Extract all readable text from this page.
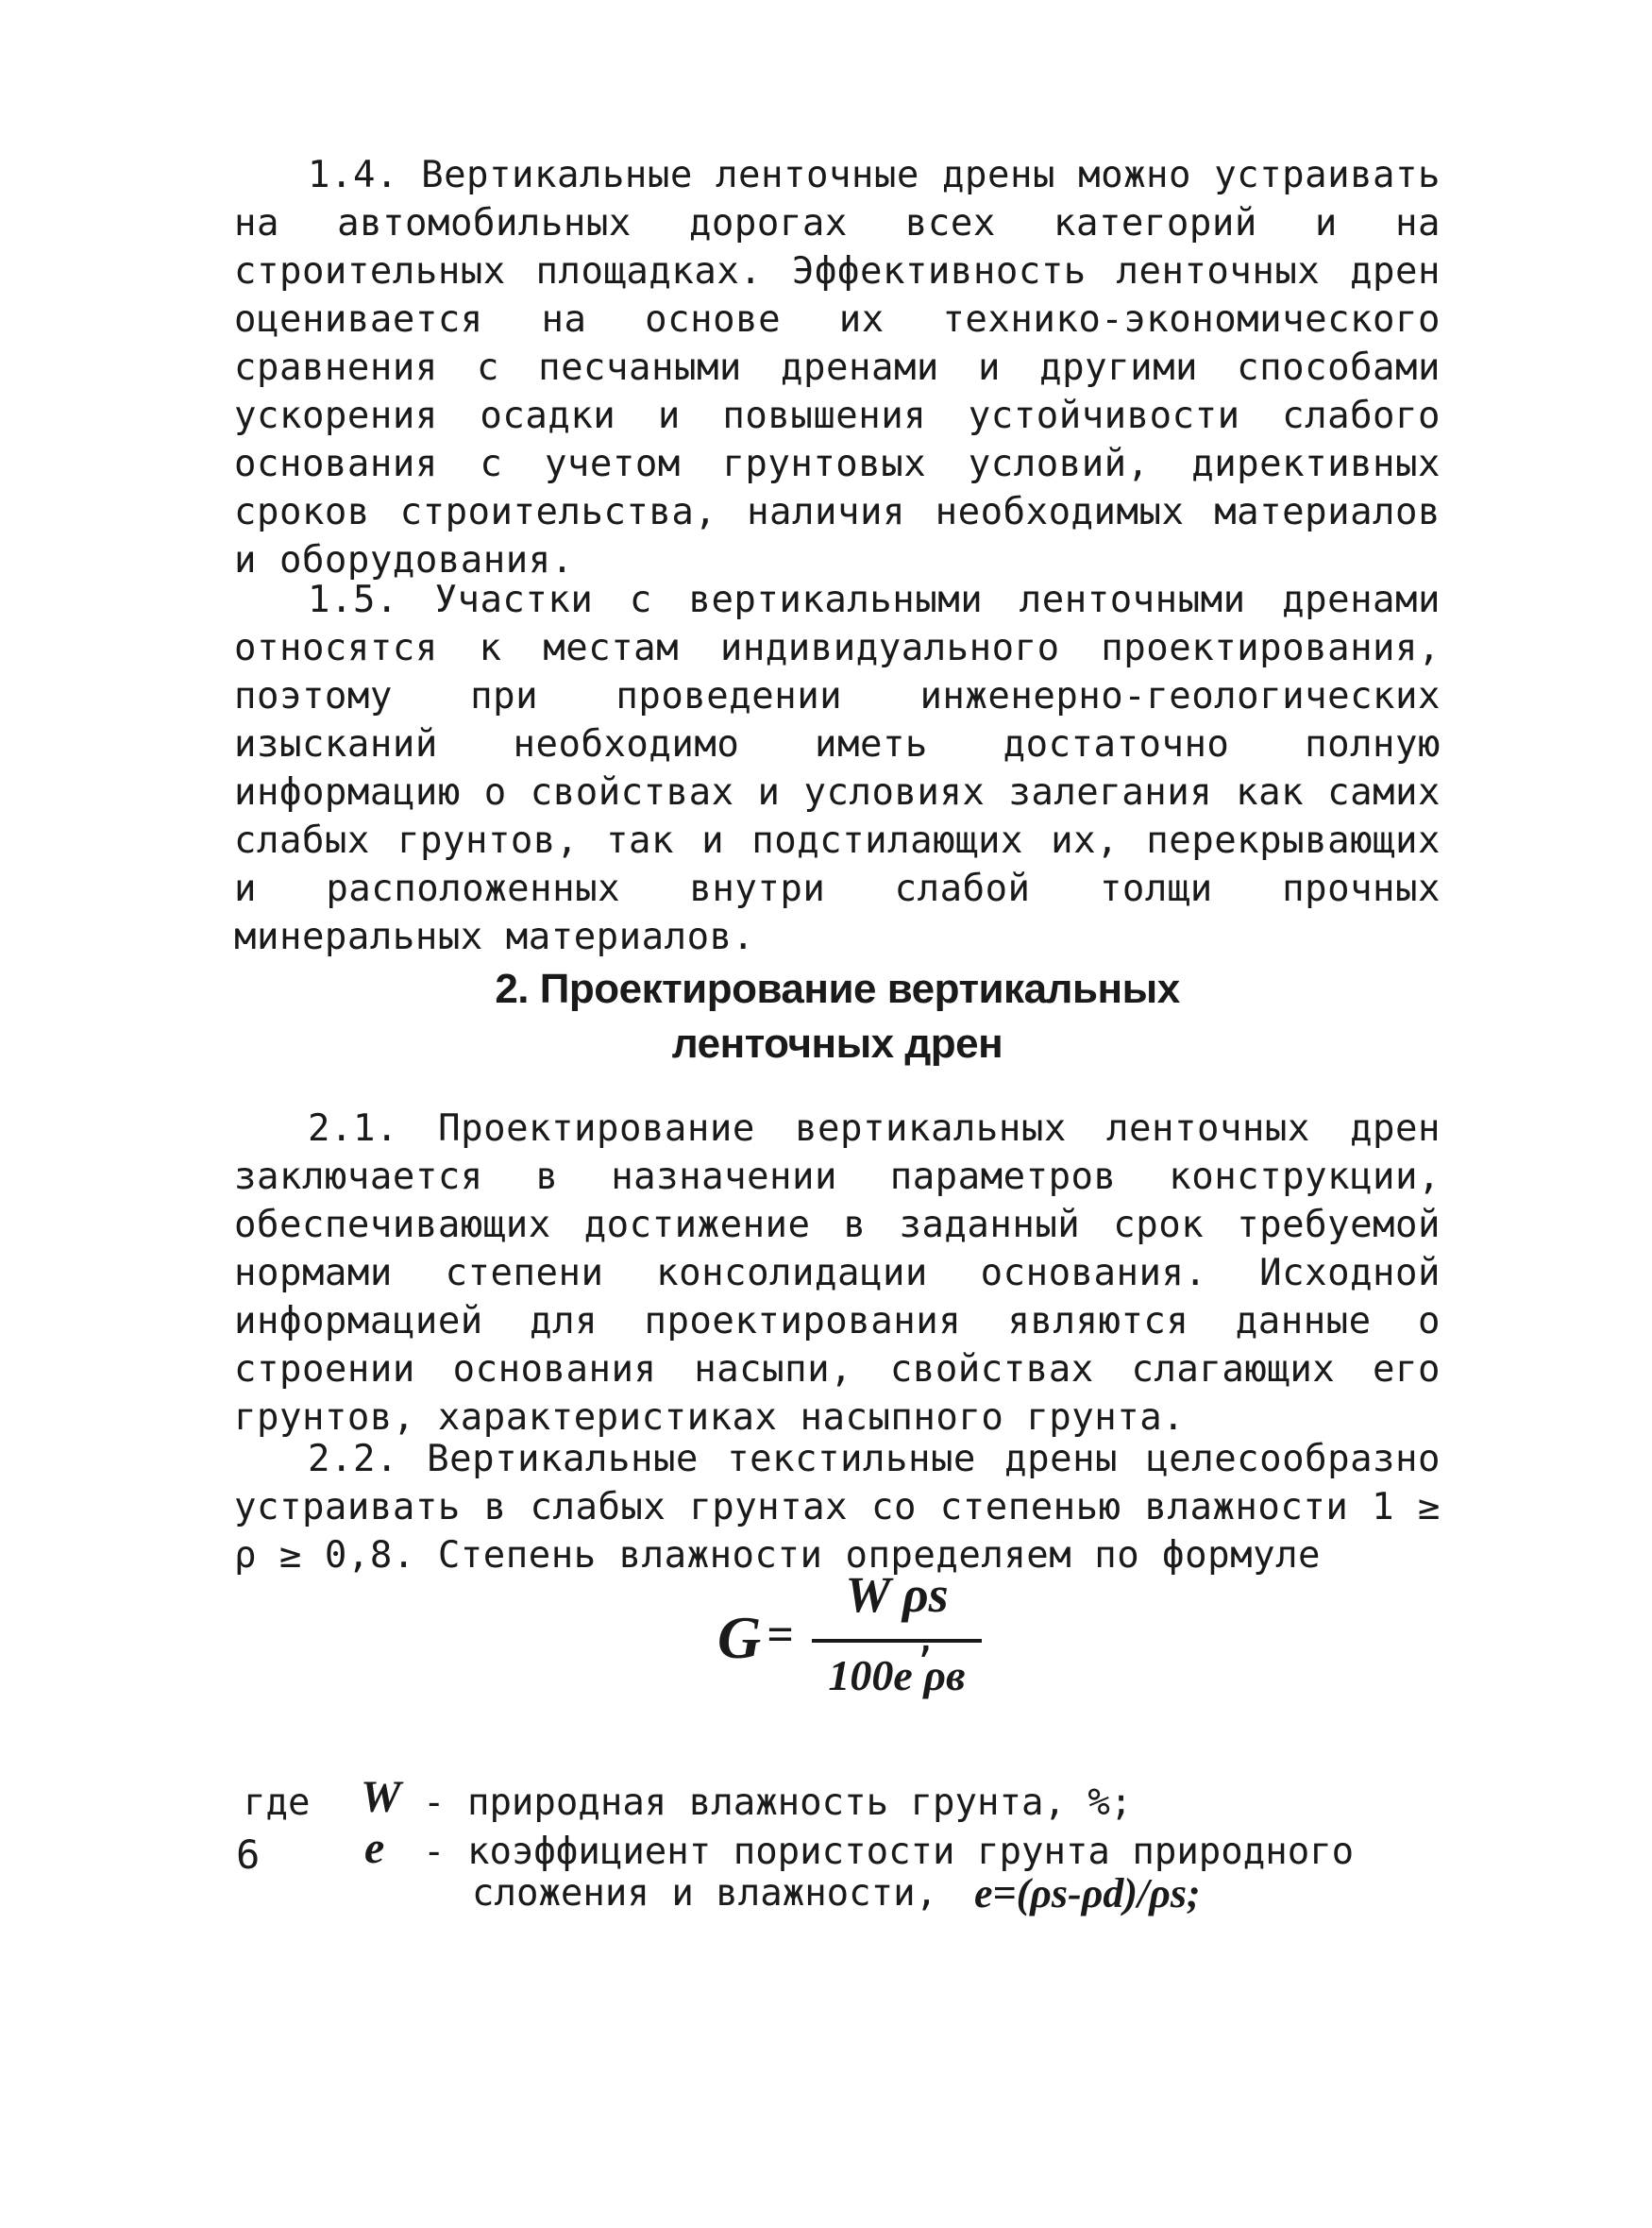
1.4. Вертикальные ленточные дрены можно устраивать на автомобильных дорогах всех категорий и на строительных площадках. Эффективность ленточных дрен оценивается на основе их технико-экономического сравнения с песчаными дренами и другими способами ускорения осадки и повышения устойчивости слабого основания с учетом грунтовых условий, директивных сроков строительства, наличия необходимых материалов и оборудования.

1.5. Участки с вертикальными ленточными дренами относятся к местам индивидуального проектирования, поэтому при проведении инженерно-геологических изысканий необходимо иметь достаточно полную информацию о свойствах и условиях залегания как самих слабых грунтов, так и подстилающих их, перекрывающих и расположенных внутри слабой толщи прочных минеральных материалов.

2. Проектирование вертикальных
ленточных дрен

2.1. Проектирование вертикальных ленточных дрен заключается в назначении параметров конструкции, обеспечивающих достижение в заданный срок требуемой нормами степени консолидации основания. Исходной информацией для проектирования являются данные о строении основания насыпи, свойствах слагающих его грунтов, характеристиках насыпного грунта.

2.2. Вертикальные текстильные дрены целесообразно устраивать в слабых грунтах со степенью влажности 1 ≥ ρ ≥ 0,8. Степень влажности определяем по формуле

G =
W ρs
100e ρв
,
где W - природная влажность грунта, %;
e - коэффициент пористости грунта природного
сложения и влажности, e=(ρs-ρd)/ρs;
6
